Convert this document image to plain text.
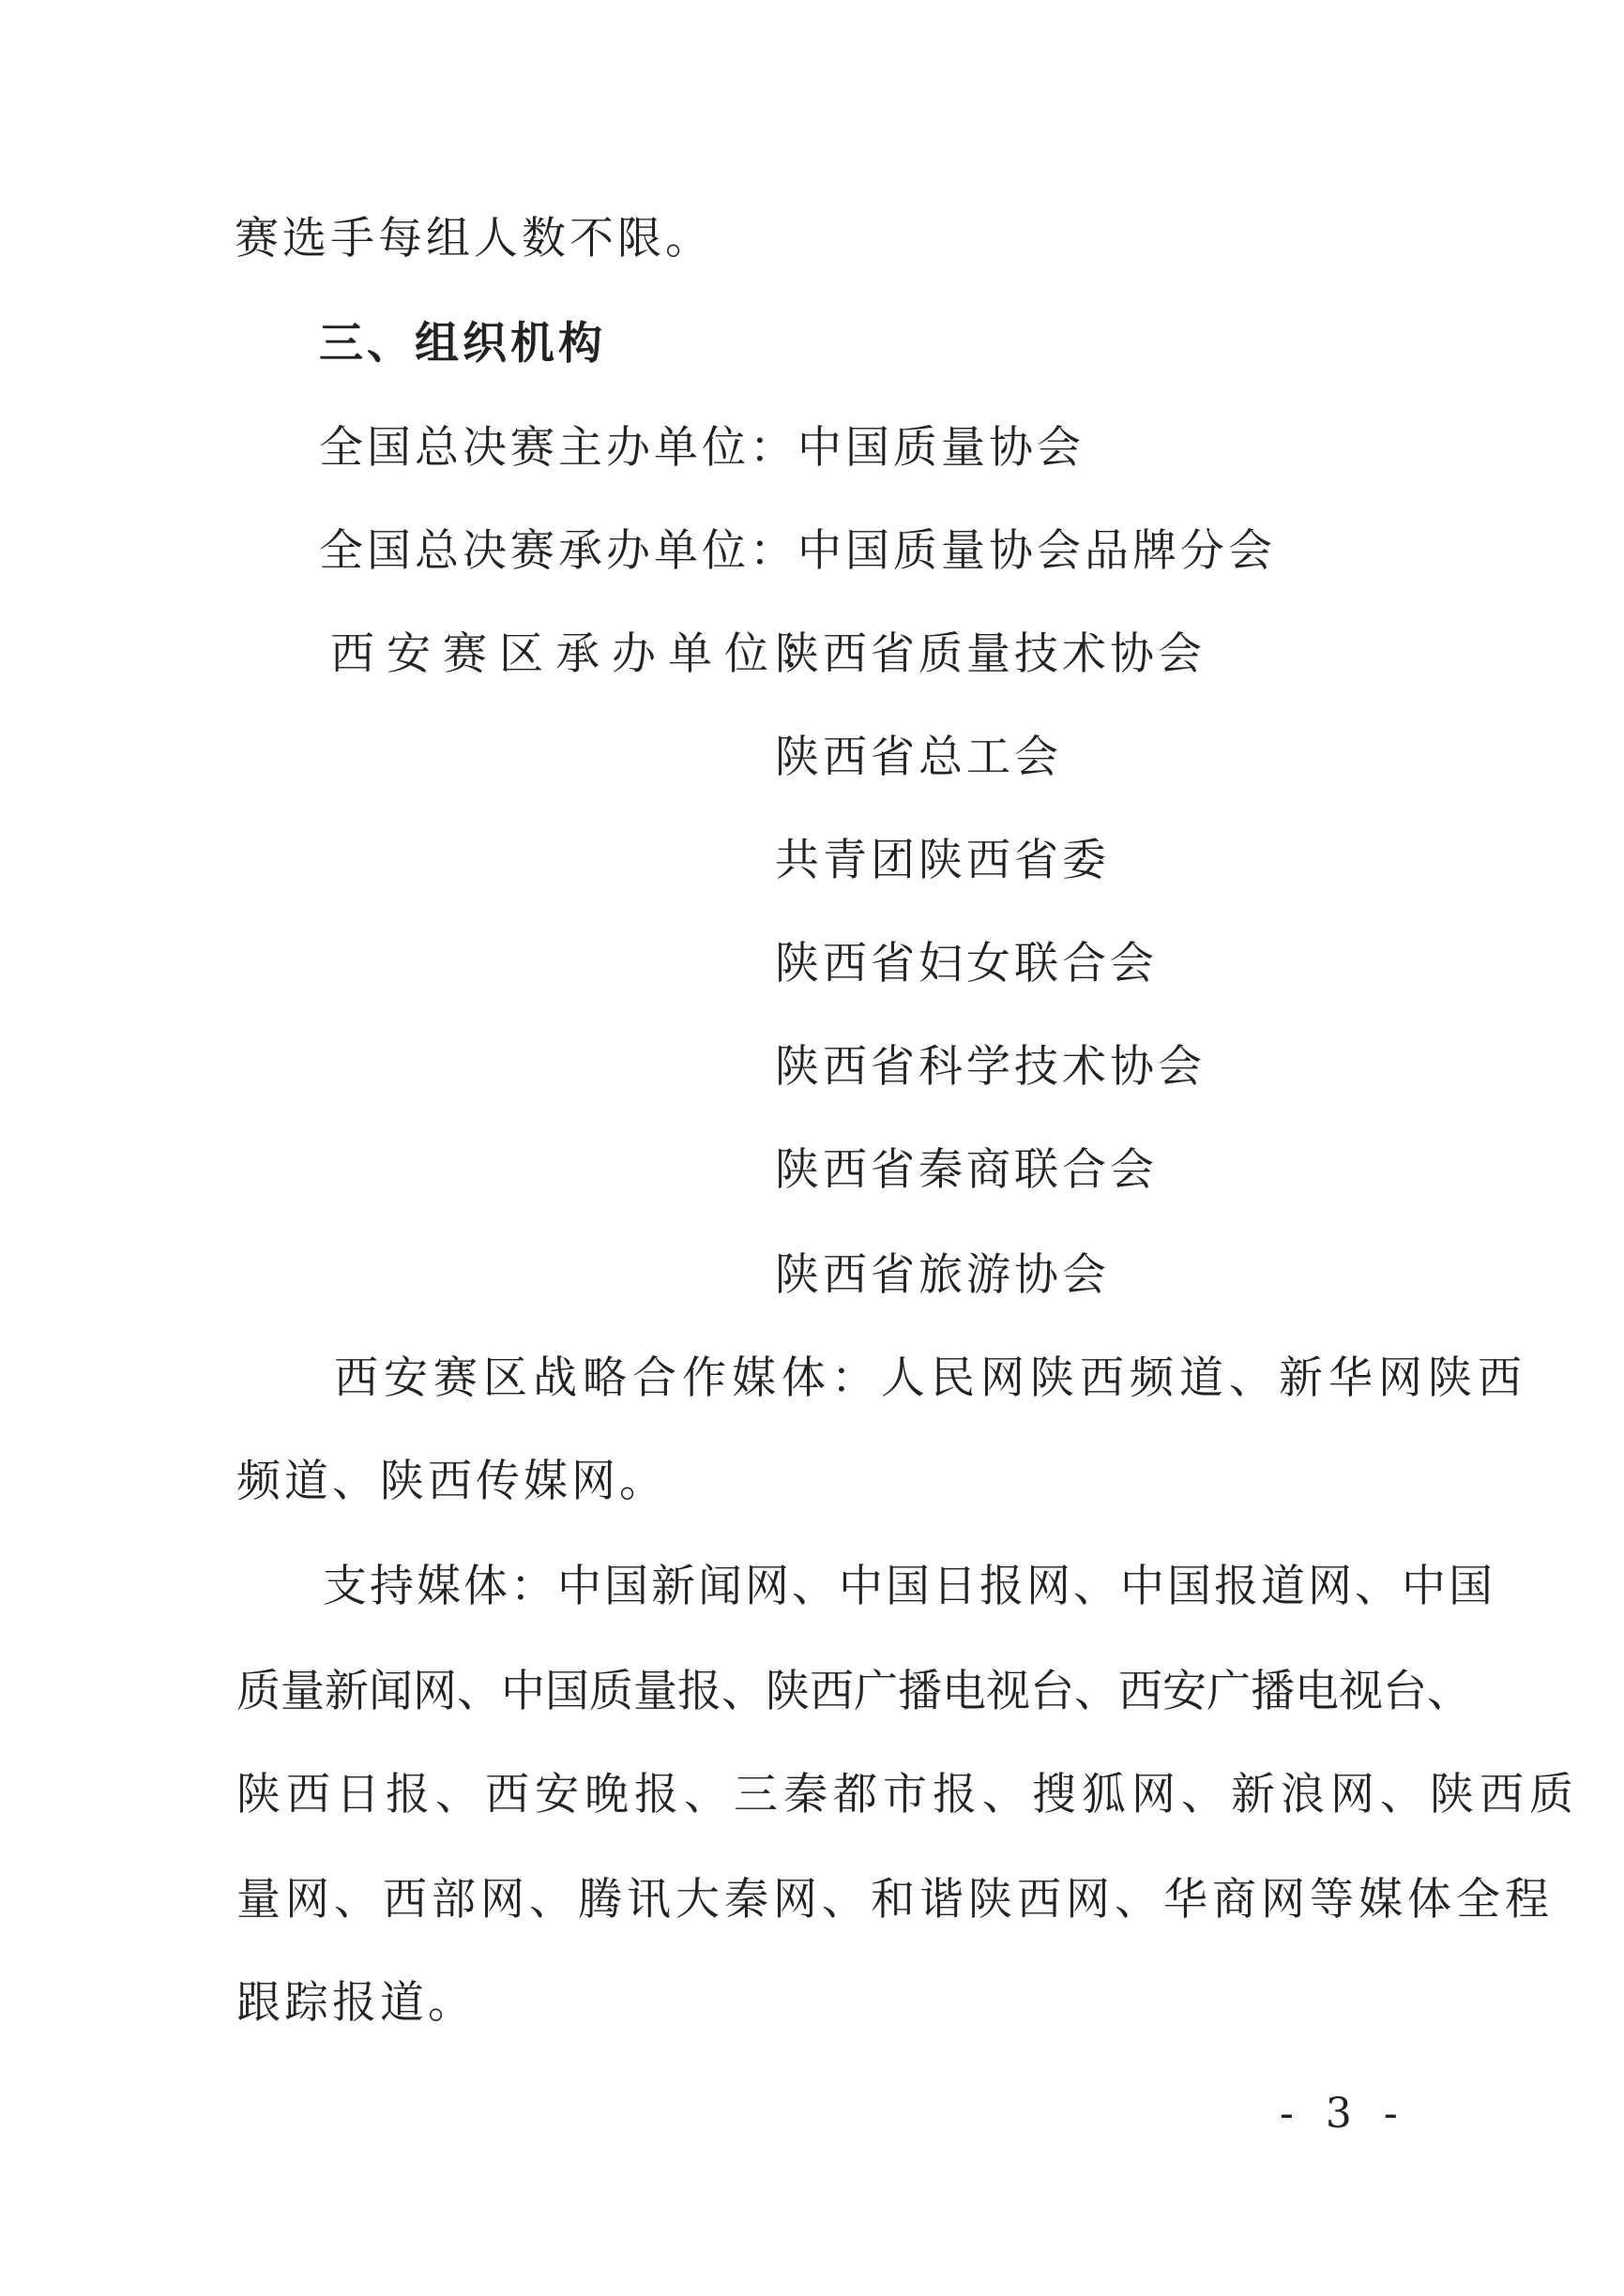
赛选手每组人数不限。
三、组织机构
全国总决赛主办单位：中国质量协会
全国总决赛承办单位：中国质量协会品牌分会
西安赛区承办单位：
陕西省质量技术协会
陕西省总工会
共青团陕西省委
陕西省妇女联合会
陕西省科学技术协会
陕西省秦商联合会
陕西省旅游协会
西安赛区战略合作媒体：人民网陕西频道、新华网陕西
频道、陕西传媒网。
支持媒体：中国新闻网、中国日报网、中国报道网、中国
质量新闻网、中国质量报、陕西广播电视台、西安广播电视台、
陕西日报、西安晚报、三秦都市报、搜狐网、新浪网、陕西质
量网、西部网、腾讯大秦网、和谐陕西网、华商网等媒体全程
跟踪报道。
- 3 -
